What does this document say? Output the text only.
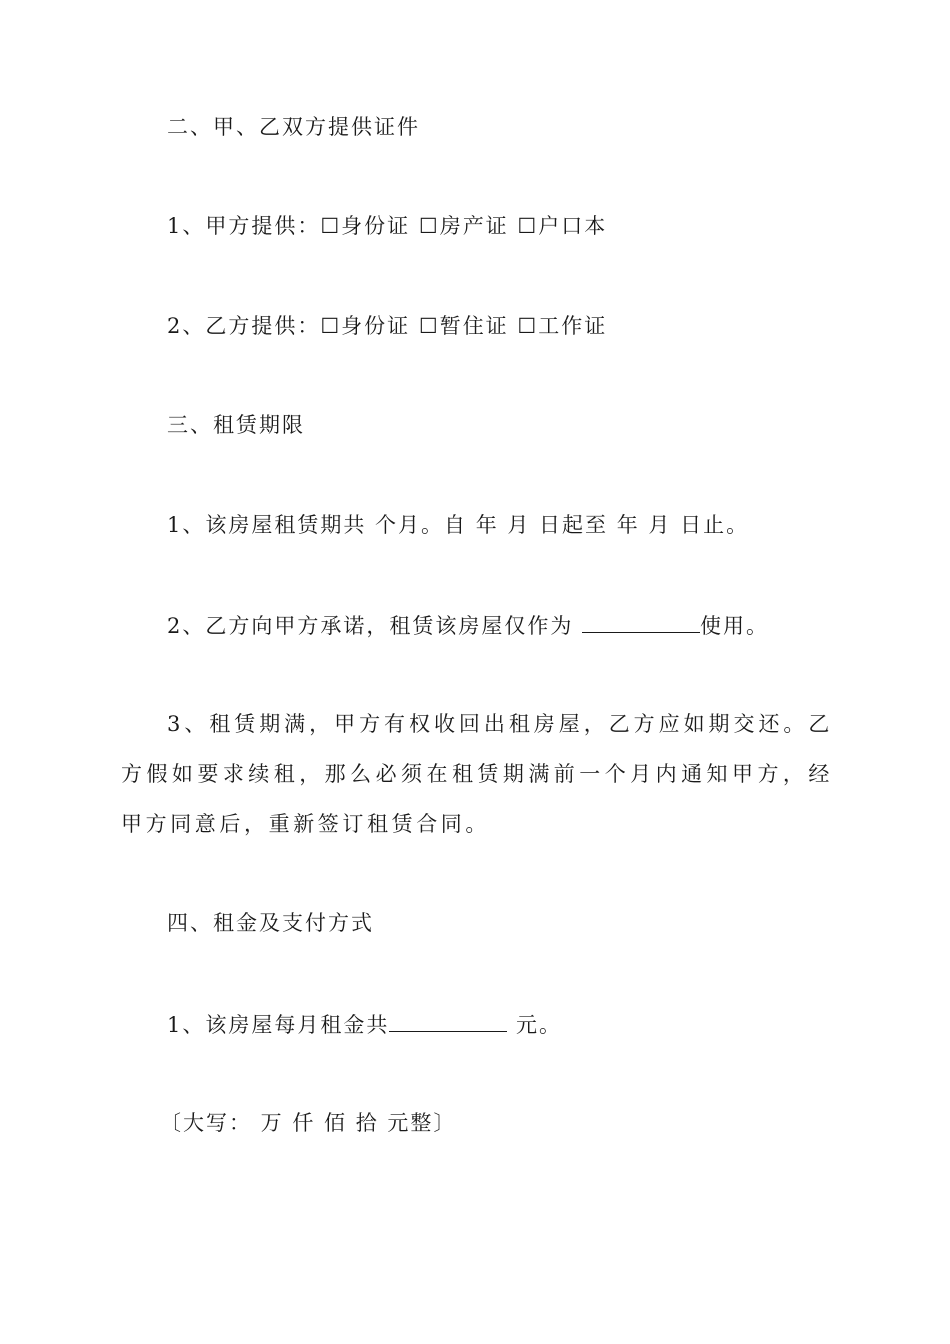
二、甲、乙双方提供证件
1、甲方提供：☐身份证 ☐房产证 ☐户口本
2、乙方提供：☐身份证 ☐暂住证 ☐工作证
三、租赁期限
1、该房屋租赁期共 个月。自 年 月 日起至 年 月 日止。
2、乙方向甲方承诺，租赁该房屋仅作为	使用。
3、租赁期满，甲方有权收回出租房屋，乙方应如期交还。乙方假如要求续租，那么必须在租赁期满前一个月内通知甲方，经甲方同意后，重新签订租赁合同。
四、租金及支付方式
1、该房屋每月租金共	元。
〔大写： 万 仟 佰 拾 元整〕
